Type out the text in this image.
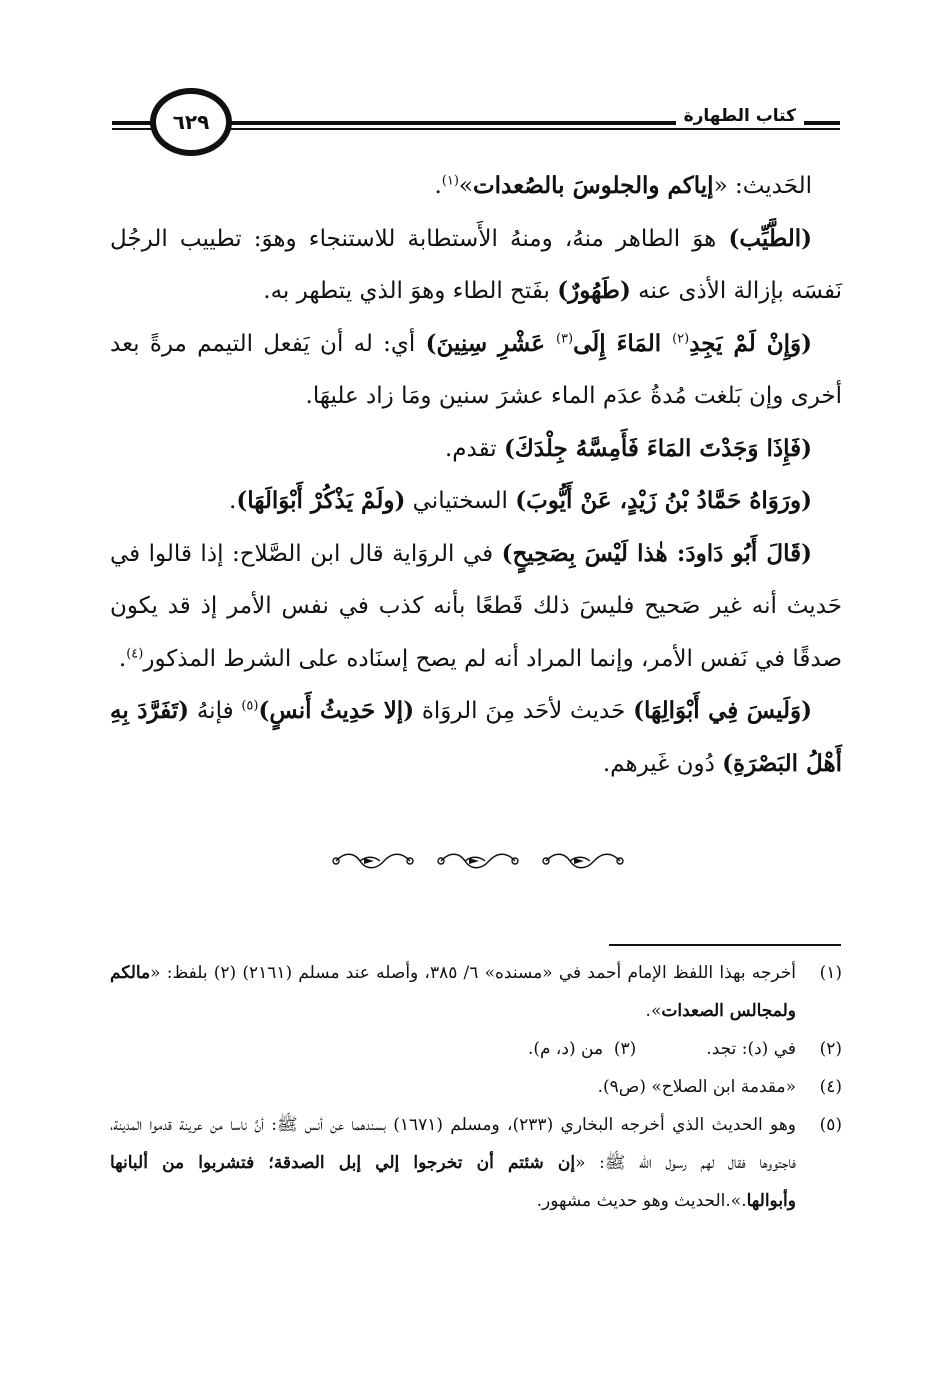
كتاب الطهارة
٦٢٩

الحَديث: «إياكم والجلوسَ بالصُعدات»$^{(١)}$.

(الطَّيِّب) هوَ الطاهر منهُ، ومنهُ الأَستطابة للاستنجاء وهوَ: تطييب الرجُل نَفسَه بإزالة الأذى عنه (طَهُورٌ) بفَتح الطاء وهوَ الذي يتطهر به.

(وَإِنْ لَمْ يَجِدِ$^{(٢)}$ المَاءَ إِلَى$^{(٣)}$ عَشْرِ سِنِينَ) أي: له أن يَفعل التيمم مرةً بعد أخرى وإن بَلغت مُدةُ عدَم الماء عشرَ سنين ومَا زاد عليهَا.

(فَإِذَا وَجَدْتَ المَاءَ فَأَمِسَّهُ جِلْدَكَ) تقدم.

(ورَوَاهُ حَمَّادُ بْنُ زَيْدٍ، عَنْ أَيُّوبَ) السختياني (ولَمْ يَذْكُرْ أَبْوَالَهَا).

(قَالَ أَبُو دَاودَ: هٰذا لَيْسَ بِصَحِيحٍ) في الروَاية قال ابن الصَّلاح: إذا قالوا في حَديث أنه غير صَحيح فليسَ ذلك قَطعًا بأنه كذب في نفس الأمر إذ قد يكون صدقًا في نَفس الأمر، وإنما المراد أنه لم يصح إسنَاده على الشرط المذكور$^{(٤)}$.

(وَلَيسَ فِي أَبْوَالِهَا) حَديث لأحَد مِنَ الروَاة (إلا حَدِيثُ أَنسٍ)$^{(٥)}$ فإنهُ (تَفَرَّدَ بِهِ أَهْلُ البَصْرَةِ) دُون غَيرهم.

(١)
أخرجه بهذا اللفظ الإمام أحمد في «مسنده» ٦/ ٣٨٥، وأصله عند مسلم (٢١٦١) (٢) بلفظ: «مالكم ولمجالس الصعدات».

(٢)
في (د): تجد.
(٣)  من (د، م).

(٤)
«مقدمة ابن الصلاح» (ص٩).

(٥)
وهو الحديث الذي أخرجه البخاري (٢٣٣)، ومسلم (١٦٧١) بسندهما عن أنس ﷺ: أنَّ ناسا من عرينة قدموا المدينة، فاجتووها فقال لهم رسول الله ﷺ: «إن شئتم أن تخرجوا إلي إبل الصدقة؛ فتشربوا من ألبانها وأبوالها.».الحديث وهو حديث مشهور.
